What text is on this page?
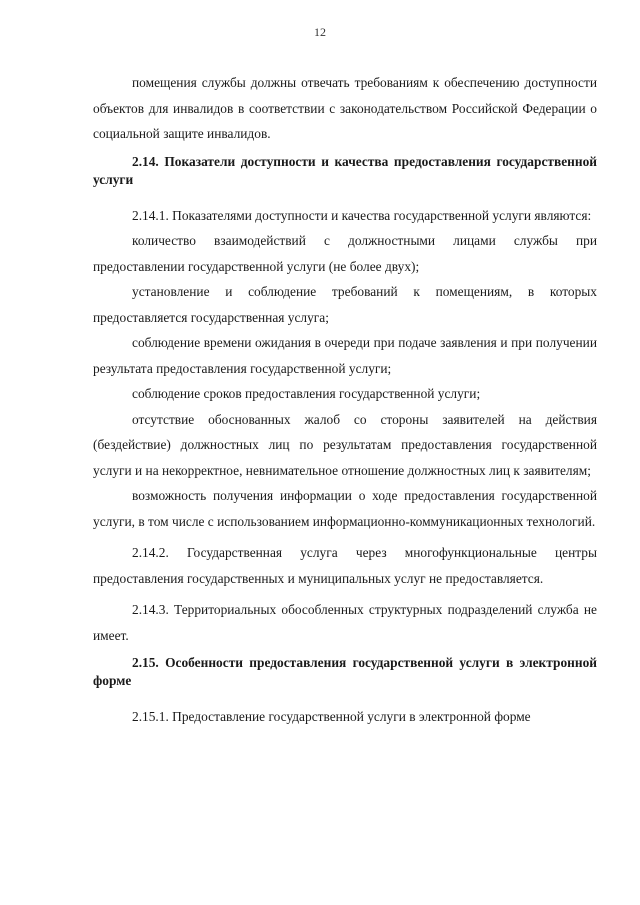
12

помещения службы должны отвечать требованиям к обеспечению доступности объектов для инвалидов в соответствии с законодательством Российской Федерации о социальной защите инвалидов.

2.14. Показатели доступности и качества предоставления государственной услуги

2.14.1. Показателями доступности и качества государственной услуги являются:

количество взаимодействий с должностными лицами службы при предоставлении государственной услуги (не более двух);

установление и соблюдение требований к помещениям, в которых предоставляется государственная услуга;

соблюдение времени ожидания в очереди при подаче заявления и при получении результата предоставления государственной услуги;

соблюдение сроков предоставления государственной услуги;

отсутствие обоснованных жалоб со стороны заявителей на действия (бездействие) должностных лиц по результатам предоставления государственной услуги и на некорректное, невнимательное отношение должностных лиц к заявителям;

возможность получения информации о ходе предоставления государственной услуги, в том числе с использованием информационно-коммуникационных технологий.

2.14.2. Государственная услуга через многофункциональные центры предоставления государственных и муниципальных услуг не предоставляется.

2.14.3. Территориальных обособленных структурных подразделений служба не имеет.

2.15. Особенности предоставления государственной услуги в электронной форме

2.15.1. Предоставление государственной услуги в электронной форме
